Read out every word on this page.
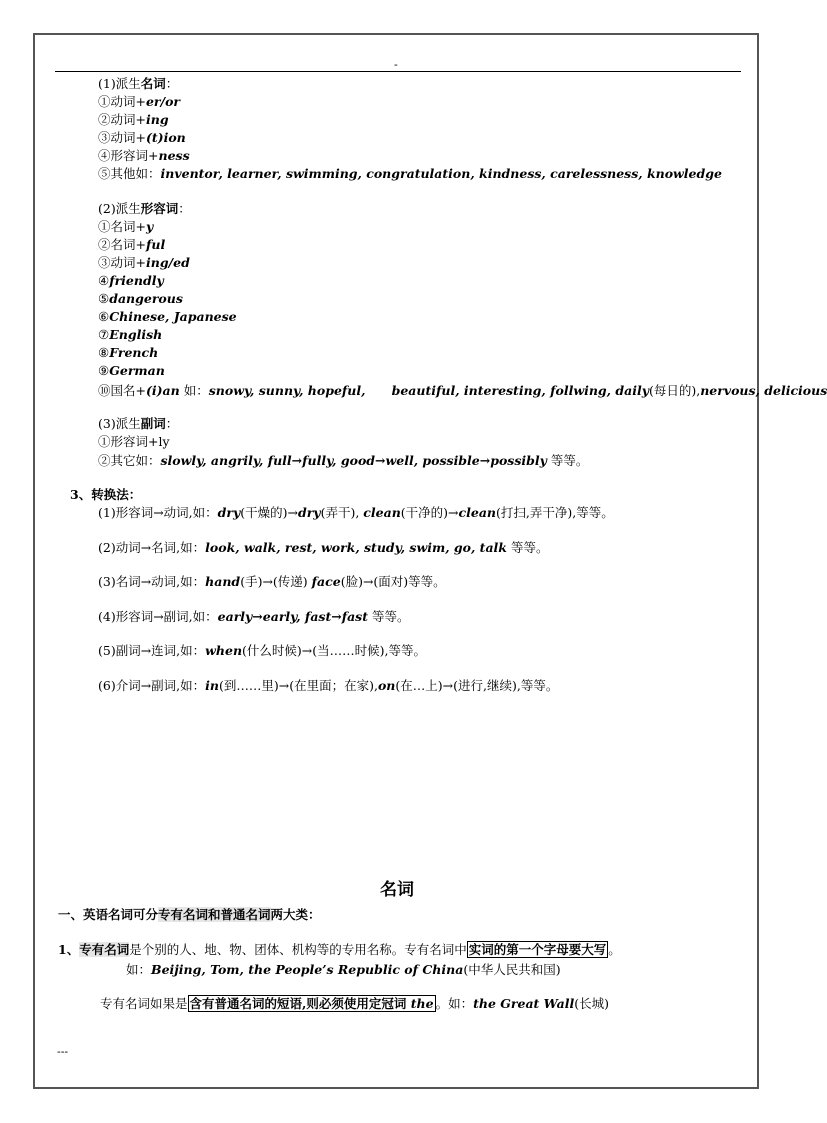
-
(1)派生名词：
①动词+er/or
②动词+ing
③动词+(t)ion
④形容词+ness
⑤其他如：inventor, learner, swimming, congratulation, kindness, carelessness, knowledge
(2)派生形容词：
①名词+y
②名词+ful
③动词+ing/ed
④friendly
⑤dangerous
⑥Chinese, Japanese
⑦English
⑧French
⑨German
⑩国名+(i)an 如：snowy, sunny, hopeful,      beautiful, interesting, follwing, daily(每日的),nervous, delicious
(3)派生副词：
①形容词+ly
②其它如：slowly, angrily, full→fully, good→well, possible→possibly 等等。
3、转换法：
(1)形容词→动词,如：dry(干燥的)→dry(弄干), clean(干净的)→clean(打扫,弄干净),等等。
(2)动词→名词,如：look, walk, rest, work, study, swim, go, talk 等等。
(3)名词→动词,如：hand(手)→(传递) face(脸)→(面对)等等。
(4)形容词→副词,如：early→early, fast→fast 等等。
(5)副词→连词,如：when(什么时候)→(当……时候),等等。
(6)介词→副词,如：in(到……里)→(在里面；在家),on(在…上)→(进行,继续),等等。
名词
一、英语名词可分专有名词和普通名词两大类：
1、专有名词是个别的人、地、物、团体、机构等的专用名称。专有名词中 实词的第一个字母要大写 。
如：Beijing, Tom, the People’s Republic of China(中华人民共和国)
专有名词如果是 含有普通名词的短语,则必须使用定冠词 the 。如：the Great Wall(长城)
---
